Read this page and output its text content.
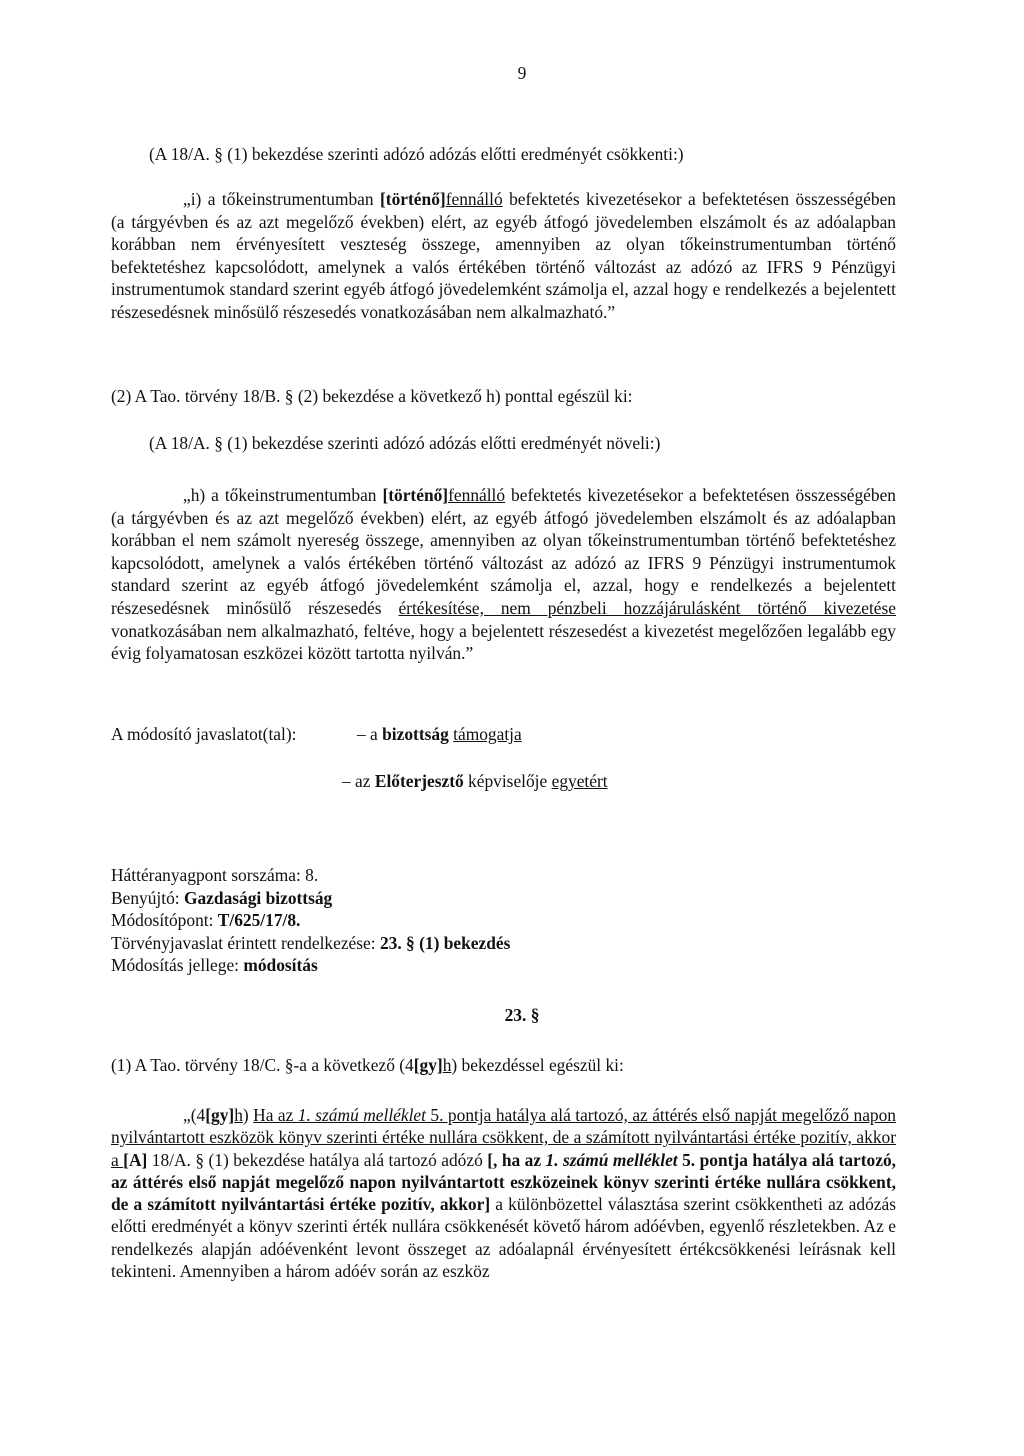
9

(A 18/A. § (1) bekezdése szerinti adózó adózás előtti eredményét csökkenti:)

„i) a tőkeinstrumentumban [történő]fennálló befektetés kivezetésekor a befektetésen összességében (a tárgyévben és az azt megelőző években) elért, az egyéb átfogó jövedelemben elszámolt és az adóalapban korábban nem érvényesített veszteség összege, amennyiben az olyan tőkeinstrumentumban történő befektetéshez kapcsolódott, amelynek a valós értékében történő változást az adózó az IFRS 9 Pénzügyi instrumentumok standard szerint egyéb átfogó jövedelemként számolja el, azzal hogy e rendelkezés a bejelentett részesedésnek minősülő részesedés vonatkozásában nem alkalmazható.”

(2) A Tao. törvény 18/B. § (2) bekezdése a következő h) ponttal egészül ki:

(A 18/A. § (1) bekezdése szerinti adózó adózás előtti eredményét növeli:)

„h) a tőkeinstrumentumban [történő]fennálló befektetés kivezetésekor a befektetésen összességében (a tárgyévben és az azt megelőző években) elért, az egyéb átfogó jövedelemben elszámolt és az adóalapban korábban el nem számolt nyereség összege, amennyiben az olyan tőkeinstrumentumban történő befektetéshez kapcsolódott, amelynek a valós értékében történő változást az adózó az IFRS 9 Pénzügyi instrumentumok standard szerint az egyéb átfogó jövedelemként számolja el, azzal, hogy e rendelkezés a bejelentett részesedésnek minősülő részesedés értékesítése, nem pénzbeli hozzájárulásként történő kivezetése vonatkozásában nem alkalmazható, feltéve, hogy a bejelentett részesedést a kivezetést megelőzően legalább egy évig folyamatosan eszközei között tartotta nyilván.”

A módosító javaslatot(tal):	– a bizottság támogatja
– az Előterjesztő képviselője egyetért

Háttéranyagpont sorszáma: 8.

Benyújtó: Gazdasági bizottság

Módosítópont: T/625/17/8.

Törvényjavaslat érintett rendelkezése: 23. § (1) bekezdés

Módosítás jellege: módosítás

23. §

(1) A Tao. törvény 18/C. §-a a következő (4[gy]h) bekezdéssel egészül ki:

„(4[gy]h) Ha az 1. számú melléklet 5. pontja hatálya alá tartozó, az áttérés első napját megelőző napon nyilvántartott eszközök könyv szerinti értéke nullára csökkent, de a számított nyilvántartási értéke pozitív, akkor a [A] 18/A. § (1) bekezdése hatálya alá tartozó adózó [, ha az 1. számú melléklet 5. pontja hatálya alá tartozó, az áttérés első napját megelőző napon nyilvántartott eszközeinek könyv szerinti értéke nullára csökkent, de a számított nyilvántartási értéke pozitív, akkor] a különbözettel választása szerint csökkentheti az adózás előtti eredményét a könyv szerinti érték nullára csökkenését követő három adóévben, egyenlő részletekben. Az e rendelkezés alapján adóévenként levont összeget az adóalapnál érvényesített értékcsökkenési leírásnak kell tekinteni. Amennyiben a három adóév során az eszköz
